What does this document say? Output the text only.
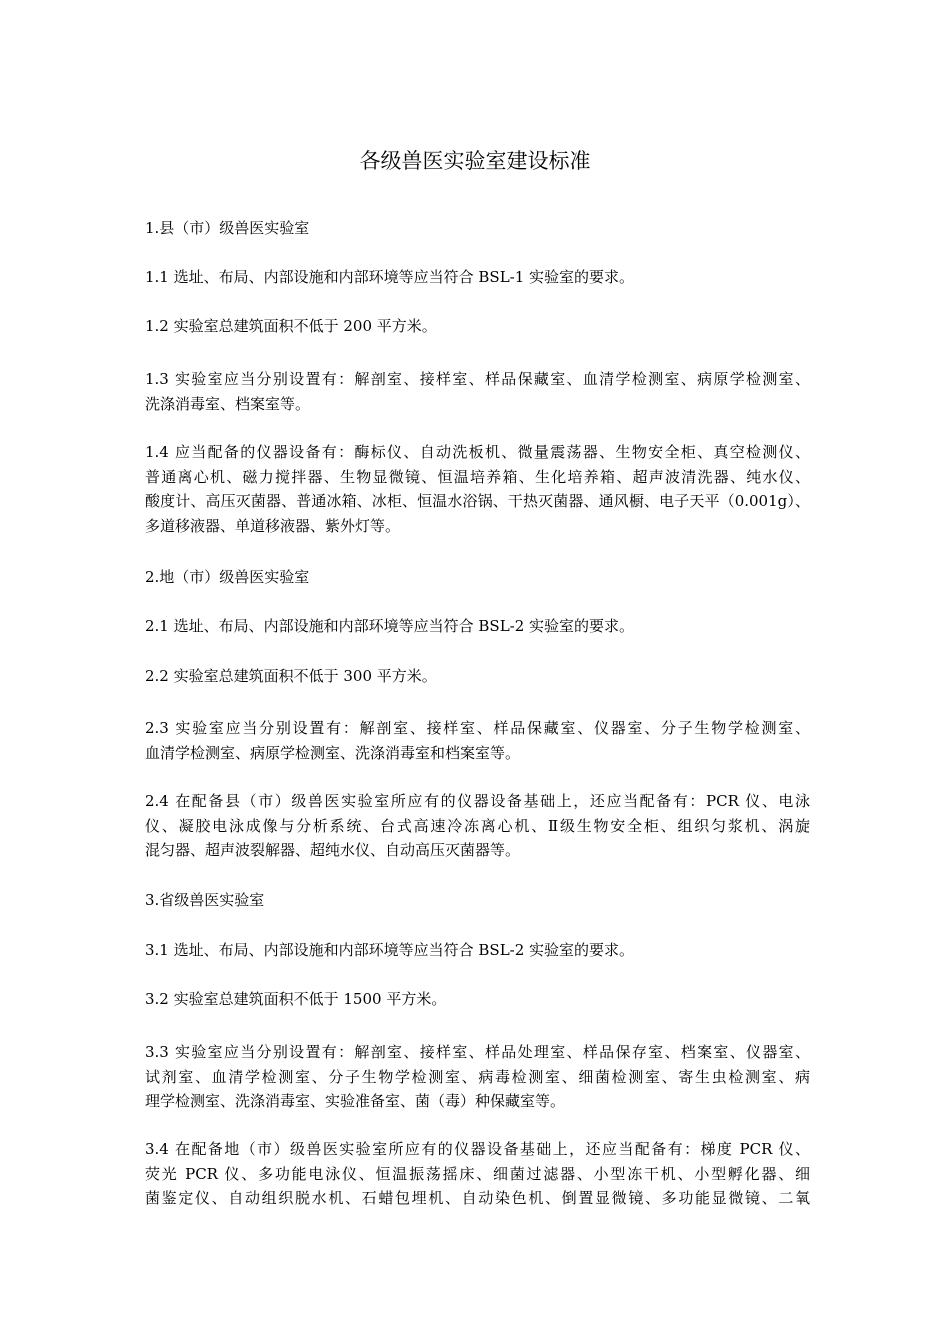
各级兽医实验室建设标准

1.县（市）级兽医实验室

1.1 选址、布局、内部设施和内部环境等应当符合 BSL-1 实验室的要求。

1.2 实验室总建筑面积不低于 200 平方米。

1.3 实验室应当分别设置有：解剖室、接样室、样品保藏室、血清学检测室、病原学检测室、
洗涤消毒室、档案室等。

1.4 应当配备的仪器设备有：酶标仪、自动洗板机、微量震荡器、生物安全柜、真空检测仪、
普通离心机、磁力搅拌器、生物显微镜、恒温培养箱、生化培养箱、超声波清洗器、纯水仪、
酸度计、高压灭菌器、普通冰箱、冰柜、恒温水浴锅、干热灭菌器、通风橱、电子天平（0.001g）、
多道移液器、单道移液器、紫外灯等。

2.地（市）级兽医实验室

2.1 选址、布局、内部设施和内部环境等应当符合 BSL-2 实验室的要求。

2.2 实验室总建筑面积不低于 300 平方米。

2.3 实验室应当分别设置有：解剖室、接样室、样品保藏室、仪器室、分子生物学检测室、
血清学检测室、病原学检测室、洗涤消毒室和档案室等。

2.4 在配备县（市）级兽医实验室所应有的仪器设备基础上，还应当配备有：PCR 仪、电泳
仪、凝胶电泳成像与分析系统、台式高速冷冻离心机、Ⅱ级生物安全柜、组织匀浆机、涡旋
混匀器、超声波裂解器、超纯水仪、自动高压灭菌器等。

3.省级兽医实验室

3.1 选址、布局、内部设施和内部环境等应当符合 BSL-2 实验室的要求。

3.2 实验室总建筑面积不低于 1500 平方米。

3.3 实验室应当分别设置有：解剖室、接样室、样品处理室、样品保存室、档案室、仪器室、
试剂室、血清学检测室、分子生物学检测室、病毒检测室、细菌检测室、寄生虫检测室、病
理学检测室、洗涤消毒室、实验准备室、菌（毒）种保藏室等。

3.4 在配备地（市）级兽医实验室所应有的仪器设备基础上，还应当配备有：梯度 PCR 仪、
荧光 PCR 仪、多功能电泳仪、恒温振荡摇床、细菌过滤器、小型冻干机、小型孵化器、细
菌鉴定仪、自动组织脱水机、石蜡包埋机、自动染色机、倒置显微镜、多功能显微镜、二氧
